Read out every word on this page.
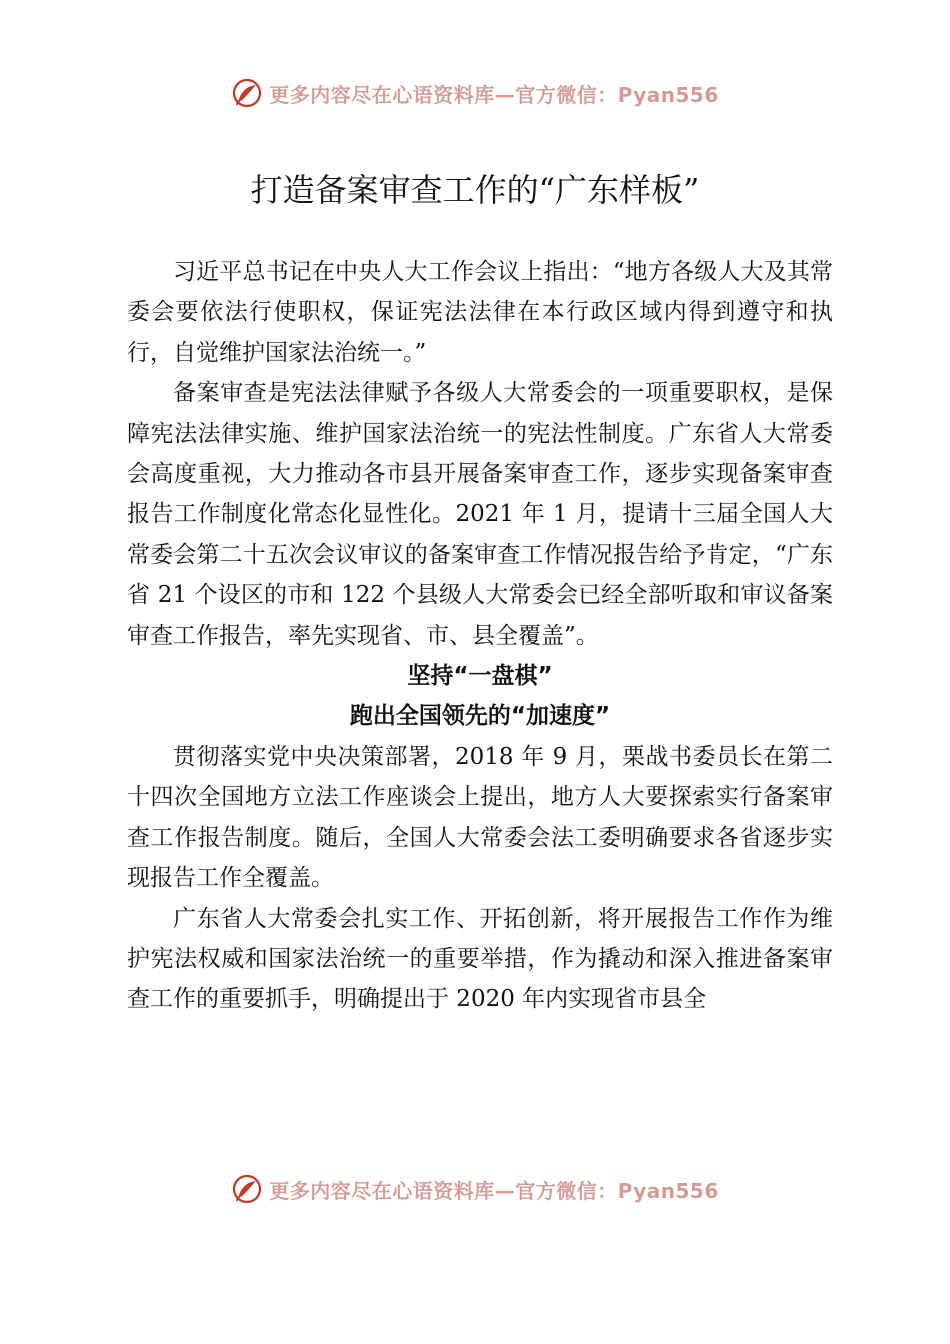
更多内容尽在心语资料库—官方微信：Pyan556
打造备案审查工作的“广东样板”

习近平总书记在中央人大工作会议上指出：“地方各级人大及其常委会要依法行使职权，保证宪法法律在本行政区域内得到遵守和执行，自觉维护国家法治统一。”

备案审查是宪法法律赋予各级人大常委会的一项重要职权，是保障宪法法律实施、维护国家法治统一的宪法性制度。广东省人大常委会高度重视，大力推动各市县开展备案审查工作，逐步实现备案审查报告工作制度化常态化显性化。2021 年 1 月，提请十三届全国人大常委会第二十五次会议审议的备案审查工作情况报告给予肯定，“广东省 21 个设区的市和 122 个县级人大常委会已经全部听取和审议备案审查工作报告，率先实现省、市、县全覆盖”。

坚持“一盘棋”

跑出全国领先的“加速度”

贯彻落实党中央决策部署，2018 年 9 月，栗战书委员长在第二十四次全国地方立法工作座谈会上提出，地方人大要探索实行备案审查工作报告制度。随后，全国人大常委会法工委明确要求各省逐步实现报告工作全覆盖。

广东省人大常委会扎实工作、开拓创新，将开展报告工作作为维护宪法权威和国家法治统一的重要举措，作为撬动和深入推进备案审查工作的重要抓手，明确提出于 2020 年内实现省市县全

更多内容尽在心语资料库—官方微信：Pyan556
